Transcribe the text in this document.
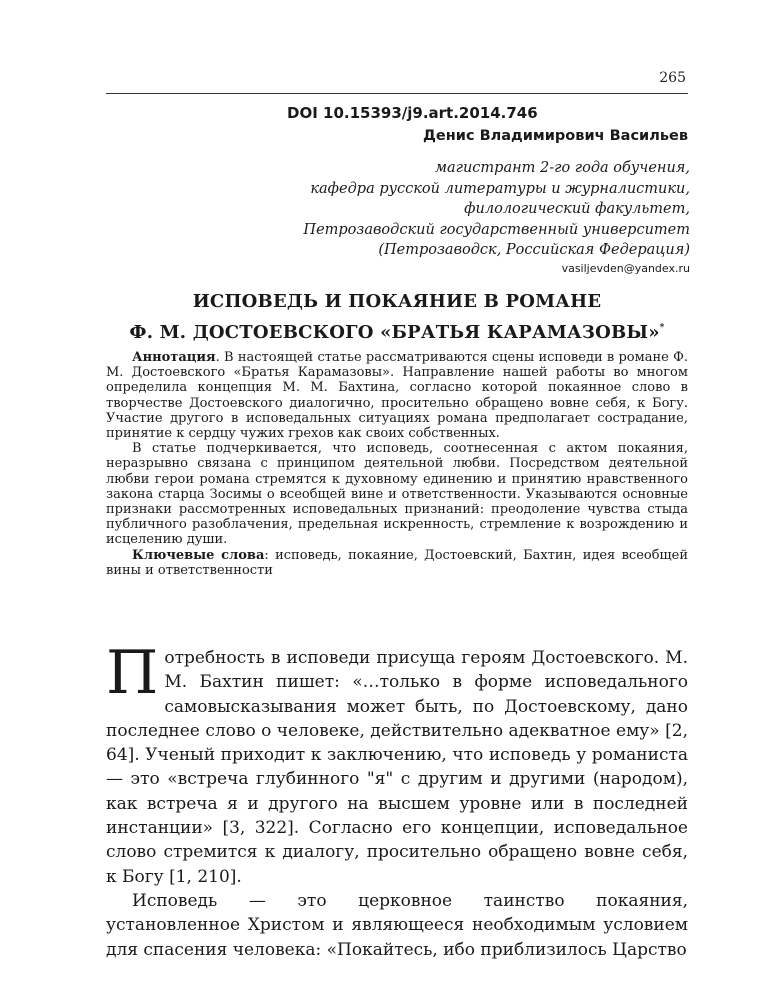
265
DOI 10.15393/j9.art.2014.746
Денис Владимирович Васильев
магистрант 2-го года обучения,
кафедра русской литературы и журналистики,
филологический факультет,
Петрозаводский государственный университет
(Петрозаводск, Российская Федерация)
vasiljevden@yandex.ru
ИСПОВЕДЬ И ПОКАЯНИЕ В РОМАНЕ
Ф. М. ДОСТОЕВСКОГО «БРАТЬЯ КАРАМАЗОВЫ»*

Аннотация. В настоящей статье рассматриваются сцены исповеди в романе Ф. М. Достоевского «Братья Карамазовы». Направление нашей работы во многом определила концепция М. М. Бахтина, согласно которой покаянное слово в творчестве Достоевского диалогично, просительно обращено вовне себя, к Богу. Участие другого в исповедальных ситуациях романа предполагает сострадание, принятие к сердцу чужих грехов как своих собственных.

В статье подчеркивается, что исповедь, соотнесенная с актом покаяния, неразрывно связана с принципом деятельной любви. Посредством деятельной любви герои романа стремятся к духовному единению и принятию нравственного закона старца Зосимы о всеобщей вине и ответственности. Указываются основные признаки рассмотренных исповедальных признаний: преодоление чувства стыда публичного разоблачения, предельная искренность, стремление к возрождению и исцелению души.

Ключевые слова: исповедь, покаяние, Достоевский, Бахтин, идея всеобщей вины и ответственности

Потребность в исповеди присуща героям Достоевского. М. М. Бахтин пишет: «…только в форме исповедального самовысказывания может быть, по Достоевскому, дано последнее слово о человеке, действительно адекватное ему» [2, 64]. Ученый приходит к заключению, что исповедь у романиста — это «встреча глубинного "я" с другим и другими (народом), как встреча я и другого на высшем уровне или в последней инстанции» [3, 322]. Согласно его концепции, исповедальное слово стремится к диалогу, просительно обращено вовне себя, к Богу [1, 210].

Исповедь — это церковное таинство покаяния, установленное Христом и являющееся необходимым условием для спасения человека: «Покайтесь, ибо приблизилось Царство
